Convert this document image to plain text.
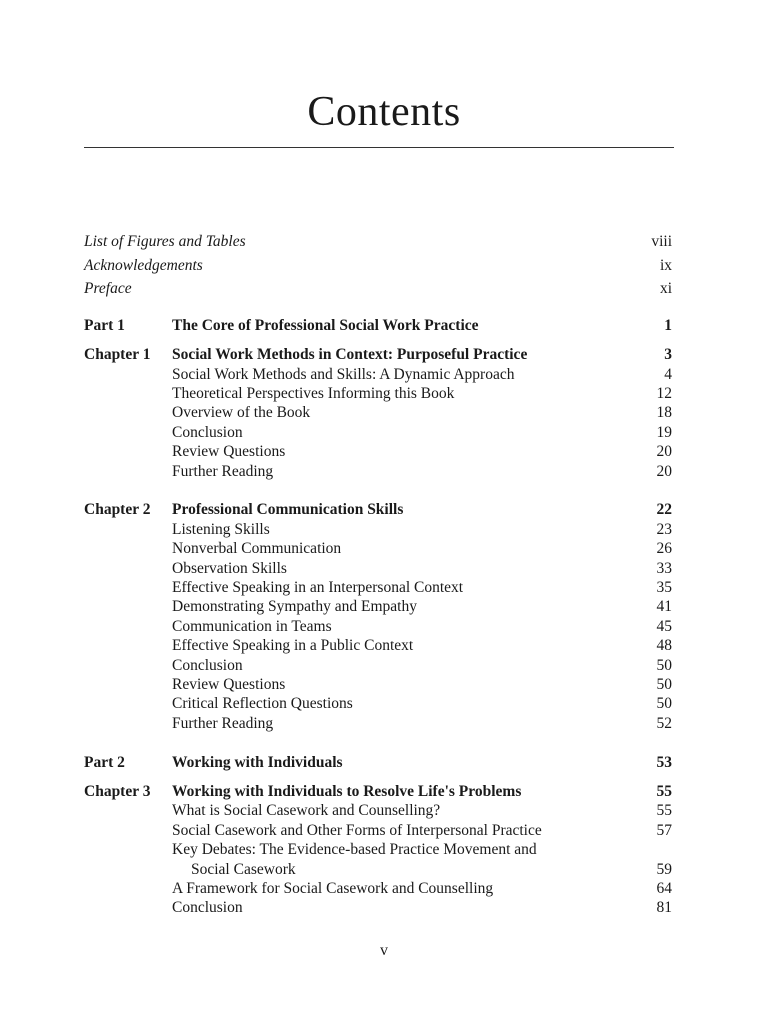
Contents
List of Figures and Tables	viii
Acknowledgements	ix
Preface	xi
Part 1	The Core of Professional Social Work Practice	1
Chapter 1 Social Work Methods in Context: Purposeful Practice	3
Social Work Methods and Skills: A Dynamic Approach	4
Theoretical Perspectives Informing this Book	12
Overview of the Book	18
Conclusion	19
Review Questions	20
Further Reading	20
Chapter 2 Professional Communication Skills	22
Listening Skills	23
Nonverbal Communication	26
Observation Skills	33
Effective Speaking in an Interpersonal Context	35
Demonstrating Sympathy and Empathy	41
Communication in Teams	45
Effective Speaking in a Public Context	48
Conclusion	50
Review Questions	50
Critical Reflection Questions	50
Further Reading	52
Part 2	Working with Individuals	53
Chapter 3 Working with Individuals to Resolve Life's Problems	55
What is Social Casework and Counselling?	55
Social Casework and Other Forms of Interpersonal Practice	57
Key Debates: The Evidence-based Practice Movement and
Social Casework	59
A Framework for Social Casework and Counselling	64
Conclusion	81
v
